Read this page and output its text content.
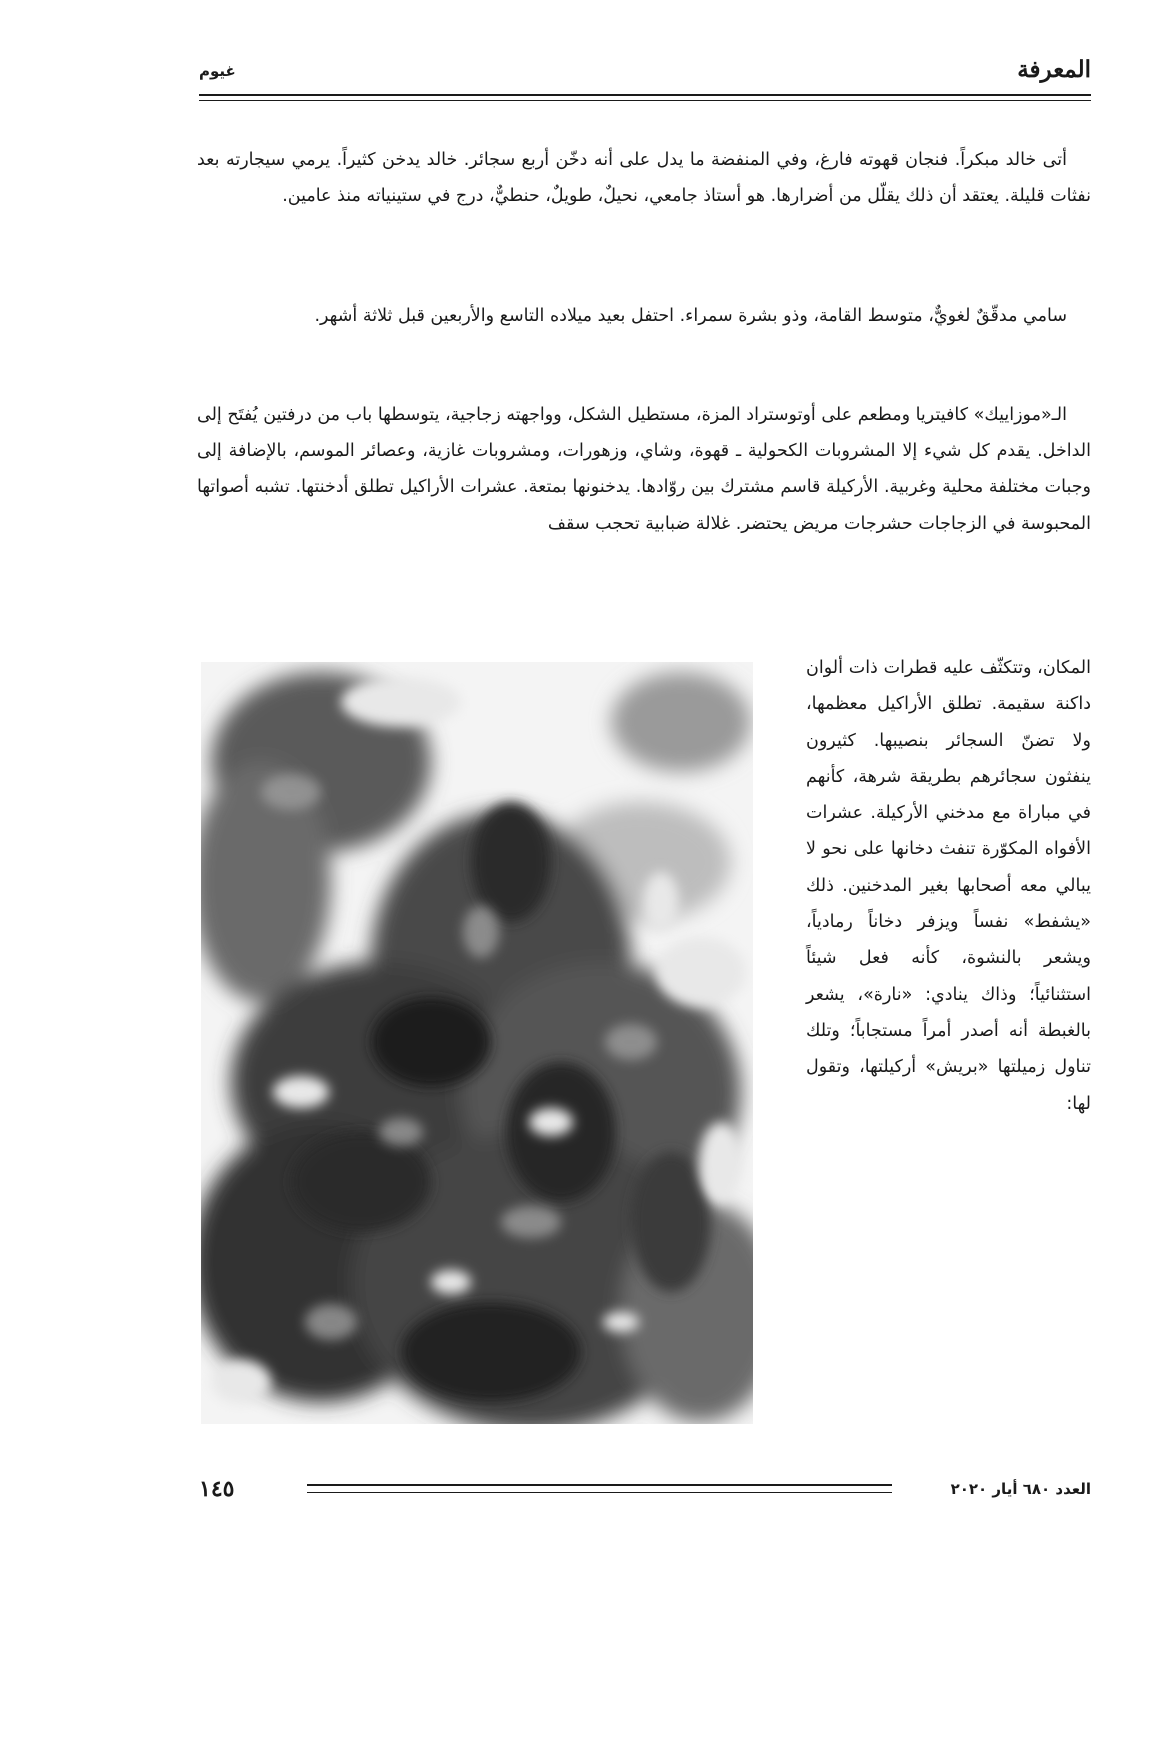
المعرفة
غيوم

أتى خالد مبكراً. فنجان قهوته فارغ، وفي المنفضة ما يدل على أنه دخّن أربع سجائر. خالد يدخن كثيراً. يرمي سيجارته بعد نفثات قليلة. يعتقد أن ذلك يقلّل من أضرارها. هو أستاذ جامعي، نحيلٌ، طويلٌ، حنطيٌّ، درج في ستينياته منذ عامين.

سامي مدقّقٌ لغويٌّ، متوسط القامة، وذو بشرة سمراء. احتفل بعيد ميلاده التاسع والأربعين قبل ثلاثة أشهر.

الـ«موزاييك» كافيتريا ومطعم على أوتوستراد المزة، مستطيل الشكل، وواجهته زجاجية، يتوسطها باب من درفتين يُفتَح إلى الداخل. يقدم كل شيء إلا المشروبات الكحولية ـ قهوة، وشاي، وزهورات، ومشروبات غازية، وعصائر الموسم، بالإضافة إلى وجبات مختلفة محلية وغربية. الأركيلة قاسم مشترك بين روّادها. يدخنونها بمتعة. عشرات الأراكيل تطلق أدخنتها. تشبه أصواتها المحبوسة في الزجاجات حشرجات مريض يحتضر. غلالة ضبابية تحجب سقف

المكان، وتتكثّف عليه قطرات ذات ألوان داكنة سقيمة. تطلق الأراكيل معظمها، ولا تضنّ السجائر بنصيبها. كثيرون ينفثون سجائرهم بطريقة شرهة، كأنهم في مباراة مع مدخني الأركيلة. عشرات الأفواه المكوّرة تنفث دخانها على نحو لا يبالي معه أصحابها بغير المدخنين. ذلك «يشفط» نفساً ويزفر دخاناً رمادياً، ويشعر بالنشوة، كأنه فعل شيئاً استثنائياً؛ وذاك ينادي: «نارة»، يشعر بالغبطة أنه أصدر أمراً مستجاباً؛ وتلك تناول زميلتها «بريش» أركيلتها، وتقول لها:

١٤٥	العدد ٦٨٠ أيار ٢٠٢٠
